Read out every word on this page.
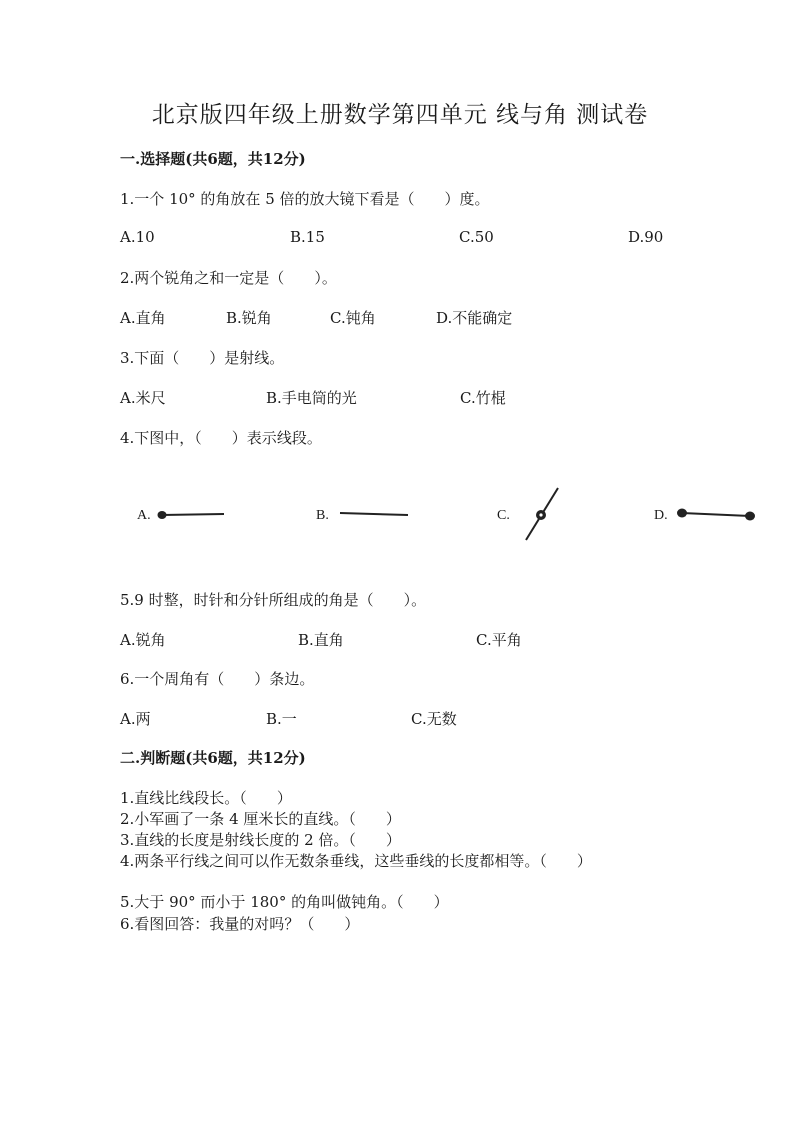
北京版四年级上册数学第四单元 线与角 测试卷
一.选择题(共6题，共12分)
1.一个 10° 的角放在 5 倍的放大镜下看是（　　）度。
A.10	B.15	C.50	D.90
2.两个锐角之和一定是（　　）。
A.直角	B.锐角	C.钝角	D.不能确定
3.下面（　　）是射线。
A.米尺	B.手电筒的光	C.竹棍
4.下图中，（　　）表示线段。
A.	B.	C.	D.
5.9 时整，时针和分针所组成的角是（　　）。
A.锐角	B.直角	C.平角
6.一个周角有（　　）条边。
A.两	B.一	C.无数
二.判断题(共6题，共12分)
1.直线比线段长。（　　）
2.小军画了一条 4 厘米长的直线。（　　）
3.直线的长度是射线长度的 2 倍。（　　）
4.两条平行线之间可以作无数条垂线，这些垂线的长度都相等。（　　）
5.大于 90° 而小于 180° 的角叫做钝角。（　　）
6.看图回答：我量的对吗？（　　）
